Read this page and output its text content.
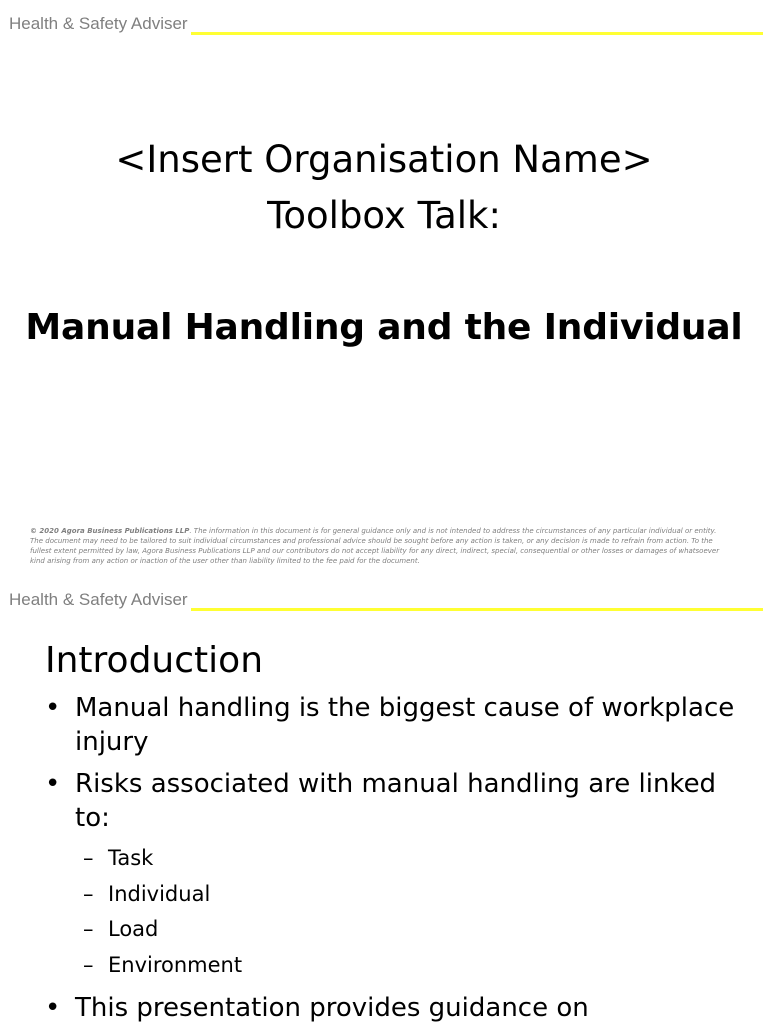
Health & Safety Adviser
<Insert Organisation Name>
Toolbox Talk:
Manual Handling and the Individual
© 2020 Agora Business Publications LLP. The information in this document is for general guidance only and is not intended to address the circumstances of any particular individual or entity. The document may need to be tailored to suit individual circumstances and professional advice should be sought before any action is taken, or any decision is made to refrain from action. To the fullest extent permitted by law, Agora Business Publications LLP and our contributors do not accept liability for any direct, indirect, special, consequential or other losses or damages of whatsoever kind arising from any action or inaction of the user other than liability limited to the fee paid for the document.
Health & Safety Adviser
Introduction
• Manual handling is the biggest cause of workplace injury
• Risks associated with manual handling are linked to:
– Task
– Individual
– Load
– Environment
• This presentation provides guidance on
